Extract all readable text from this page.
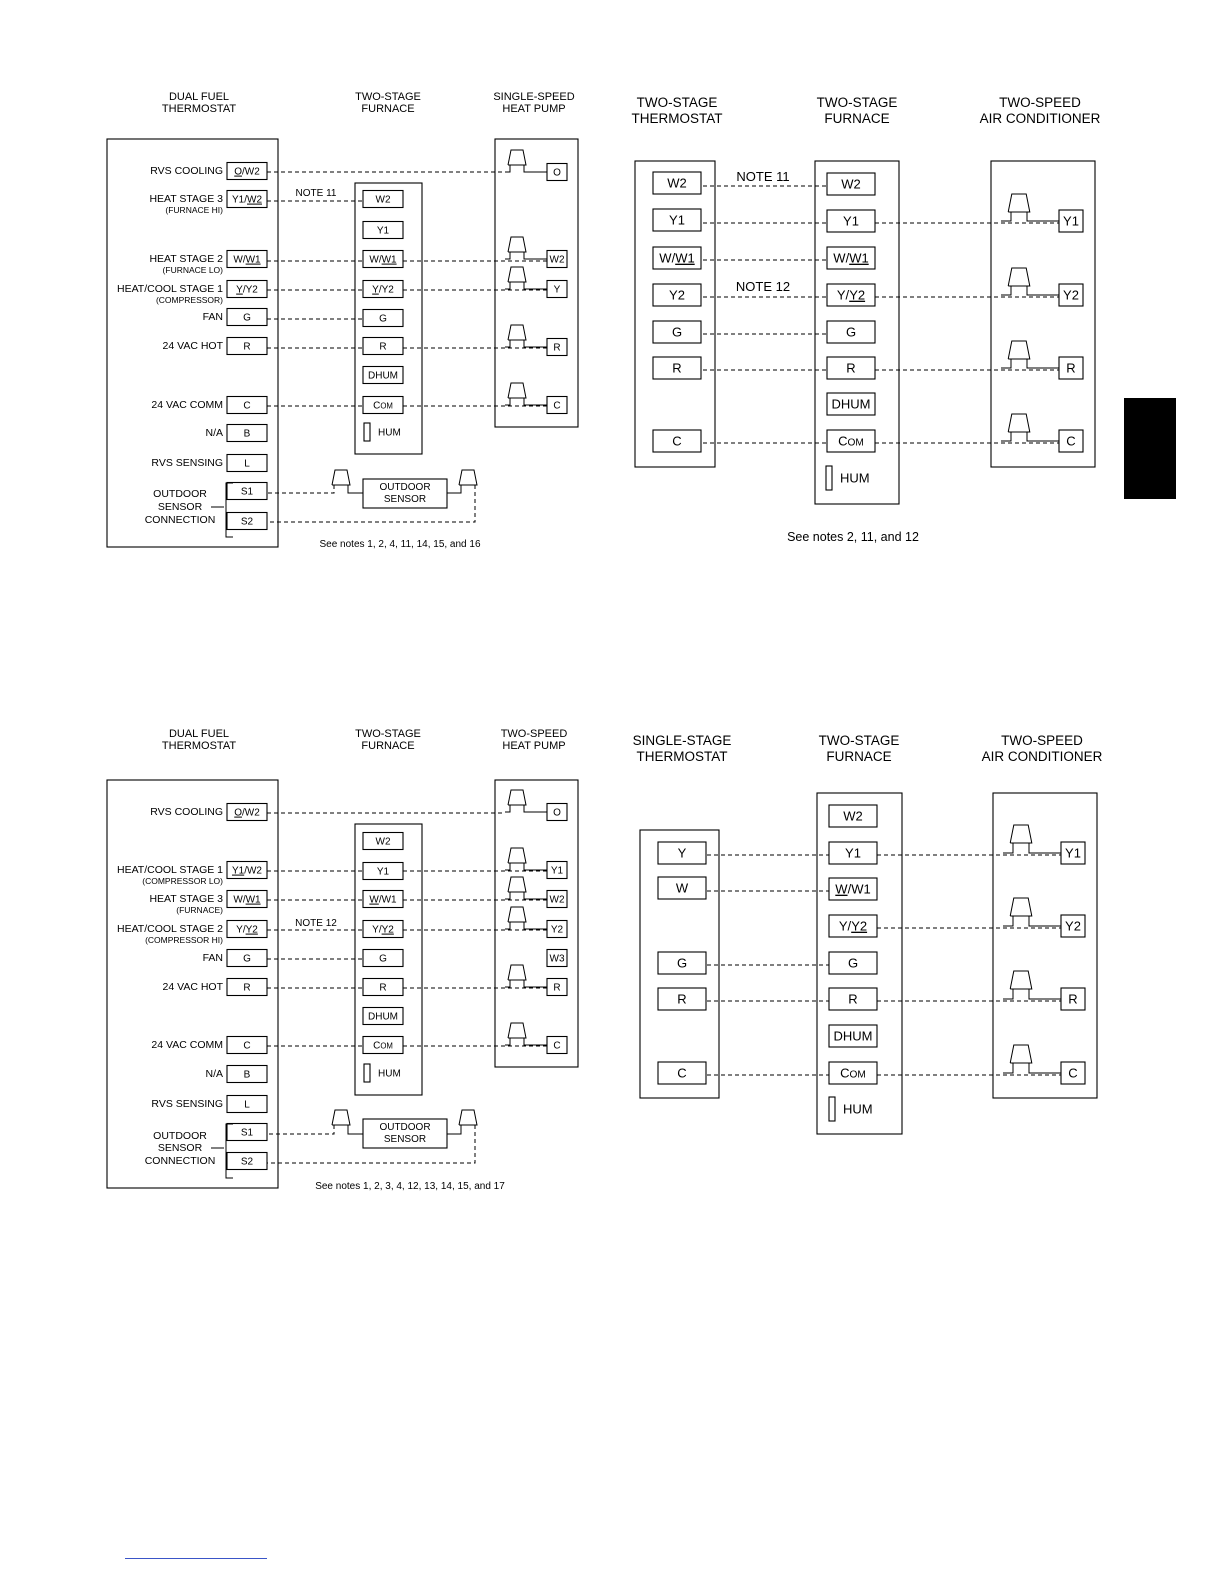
DUAL FUEL
THERMOSTAT
TWO-STAGE
FURNACE
SINGLE-SPEED
HEAT PUMP	TWO-STAGE
THERMOSTAT
TWO-STAGE
FURNACE
TWO-SPEED
AIR CONDITIONER
DUAL FUEL
THERMOSTAT
TWO-STAGE
FURNACE
TWO-SPEED
HEAT PUMP	SINGLE-STAGE
THERMOSTAT
TWO-STAGE
FURNACE
TWO-SPEED
AIR CONDITIONER
O/W2
RVS COOLING
Y1/W2
HEAT STAGE 3
(FURNACE HI)
W/W1
HEAT STAGE 2
(FURNACE LO)
Y/Y2
HEAT/COOL STAGE 1
(COMPRESSOR)
G
FAN
R
24 VAC HOT
C
24 VAC COMM
B
N/A
L
RVS SENSING
S1
S2
OUTDOOR
SENSOR
CONNECTION
W2
Y1
W/W1
Y/Y2
G
R
DHUM
COM
HUM
O
W2
Y
R
C
NOTE 11
OUTDOOR
SENSOR
See notes 1, 2, 4, 11, 14, 15, and 16
W2
Y1
W/W1
Y2
G
R
C
W2
Y1
W/W1
Y/Y2
G
R
DHUM
COM
HUM
Y1
Y2
R
C
NOTE 11
NOTE 12
See notes 2, 11, and 12
O/W2
RVS COOLING
Y1/W2
HEAT/COOL STAGE 1
(COMPRESSOR LO)
W/W1
HEAT STAGE 3
(FURNACE)
Y/Y2
HEAT/COOL STAGE 2
(COMPRESSOR HI)
G
FAN
R
24 VAC HOT
C
24 VAC COMM
B
N/A
L
RVS SENSING
S1
S2
OUTDOOR
SENSOR
CONNECTION
W2
Y1
W/W1
Y/Y2
G
R
DHUM
COM
HUM
O
Y1
W2
Y2
W3
R
C
NOTE 12
OUTDOOR
SENSOR
See notes 1, 2, 3, 4, 12, 13, 14, 15, and 17
Y
W
G
R
C
W2
Y1
W/W1
Y/Y2
G
R
DHUM
COM
HUM
Y1
Y2
R
C
